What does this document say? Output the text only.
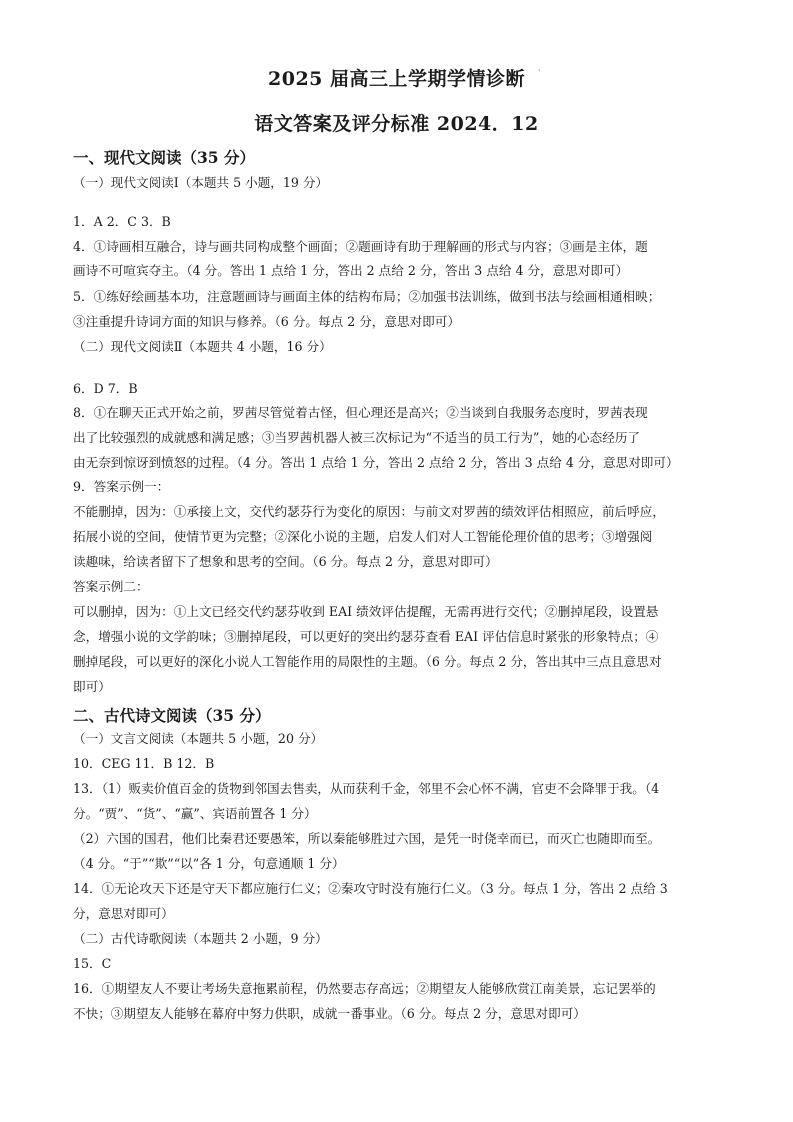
2025 届高三上学期学情诊断	·
语文答案及评分标准 2024．12
一、现代文阅读（35 分）
（一）现代文阅读Ⅰ（本题共 5 小题，19 分）
1．A 2．C 3．B
4．①诗画相互融合，诗与画共同构成整个画面；②题画诗有助于理解画的形式与内容；③画是主体，题
画诗不可喧宾夺主。（4 分。答出 1 点给 1 分，答出 2 点给 2 分，答出 3 点给 4 分，意思对即可）
5．①练好绘画基本功，注意题画诗与画面主体的结构布局；②加强书法训练，做到书法与绘画相通相映；
③注重提升诗词方面的知识与修养。（6 分。每点 2 分，意思对即可）
（二）现代文阅读Ⅱ（本题共 4 小题，16 分）
6．D 7．B
8．①在聊天正式开始之前，罗茜尽管觉着古怪，但心理还是高兴；②当谈到自我服务态度时，罗茜表现
出了比较强烈的成就感和满足感；③当罗茜机器人被三次标记为“不适当的员工行为”，她的心态经历了
由无奈到惊讶到愤怒的过程。（4 分。答出 1 点给 1 分，答出 2 点给 2 分，答出 3 点给 4 分，意思对即可）
9．答案示例一：
不能删掉，因为：①承接上文，交代约瑟芬行为变化的原因：与前文对罗茜的绩效评估相照应，前后呼应，
拓展小说的空间，使情节更为完整；②深化小说的主题，启发人们对人工智能伦理价值的思考；③增强阅
读趣味，给读者留下了想象和思考的空间。（6 分。每点 2 分，意思对即可）
答案示例二：
可以删掉，因为：①上文已经交代约瑟芬收到 EAI 绩效评估提醒，无需再进行交代；②删掉尾段，设置悬
念，增强小说的文学韵味；③删掉尾段，可以更好的突出约瑟芬查看 EAI 评估信息时紧张的形象特点；④
删掉尾段，可以更好的深化小说人工智能作用的局限性的主题。（6 分。每点 2 分，答出其中三点且意思对
即可）
二、古代诗文阅读（35 分）
（一）文言文阅读（本题共 5 小题，20 分）
10．CEG 11．B 12．B
13．（1）贩卖价值百金的货物到邻国去售卖，从而获利千金，邻里不会心怀不满，官吏不会降罪于我。（4
分。“贾”、“货”、“赢”、宾语前置各 1 分）
（2）六国的国君，他们比秦君还要愚笨，所以秦能够胜过六国，是凭一时侥幸而已，而灭亡也随即而至。
（4 分。“于”“欺”“以”各 1 分，句意通顺 1 分）
14．①无论攻天下还是守天下都应施行仁义；②秦攻守时没有施行仁义。（3 分。每点 1 分，答出 2 点给 3
分，意思对即可）
（二）古代诗歌阅读（本题共 2 小题，9 分）
15．C
16．①期望友人不要让考场失意拖累前程，仍然要志存高远；②期望友人能够欣赏江南美景，忘记罢举的
不快；③期望友人能够在幕府中努力供职，成就一番事业。（6 分。每点 2 分，意思对即可）
